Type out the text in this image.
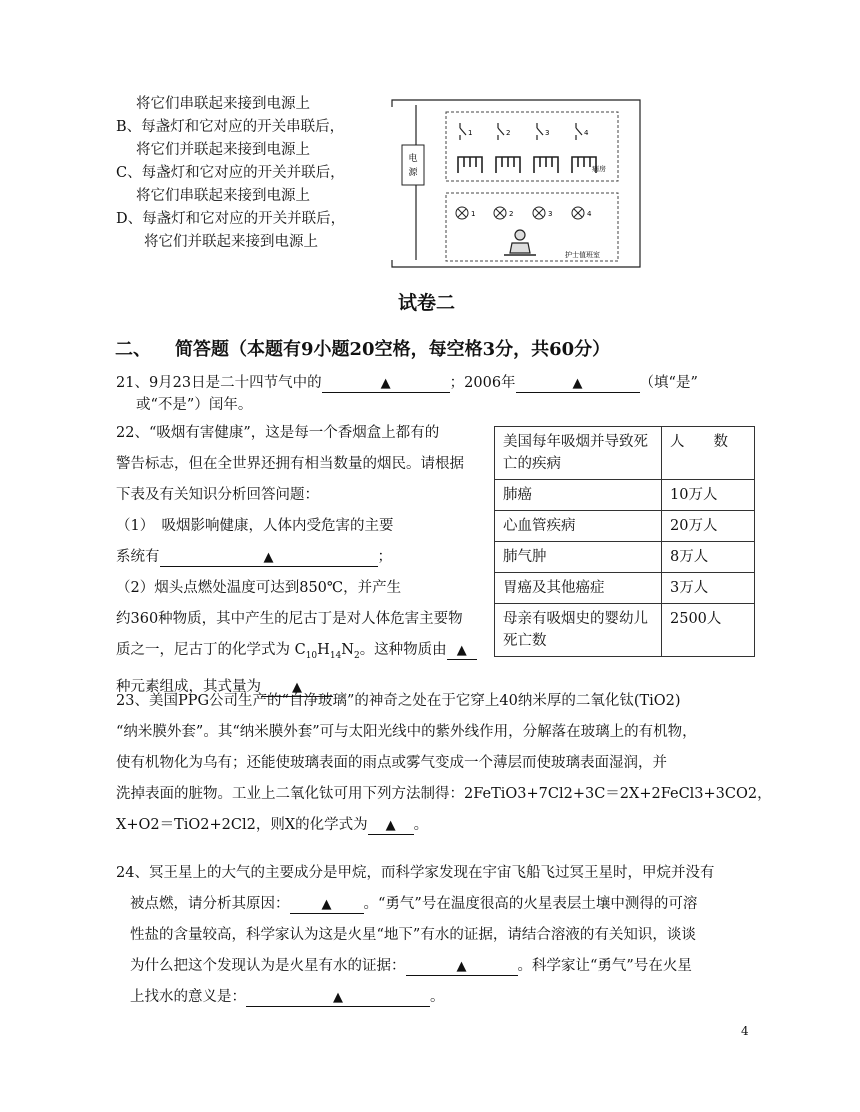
将它们串联起来接到电源上
B、每盏灯和它对应的开关串联后，
将它们并联起来接到电源上
C、每盏灯和它对应的开关并联后，
将它们串联起来接到电源上
D、每盏灯和它对应的开关并联后，
将它们并联起来接到电源上
电
源
1	2	3	4
病房
1	2	3	4
护士值班室
试卷二
二、 简答题（本题有9小题20空格，每空格3分，共60分）
21、9月23日是二十四节气中的	▲	；2006年	▲	（填“是”
或“不是”）闰年。
22、“吸烟有害健康”，这是每一个香烟盒上都有的
警告标志，但在全世界还拥有相当数量的烟民。请根据
下表及有关知识分析回答问题：
（1）　吸烟影响健康，人体内受危害的主要
系统有	▲	；
（2）烟头点燃处温度可达到850℃，并产生
约360种物质，其中产生的尼古丁是对人体危害主要物
质之一，尼古丁的化学式为 $C_{10}H_{14}N_2$。这种物质由 ▲
种元素组成，其式量为 ▲
美国每年吸烟并导致死亡的疾病	人　　数
肺癌	10万人
心血管疾病	20万人
肺气肿	8万人
胃癌及其他癌症	3万人
母亲有吸烟史的婴幼儿死亡数	2500人
23、美国PPG公司生产的“自净玻璃”的神奇之处在于它穿上40纳米厚的二氧化钛(TiO2)
“纳米膜外套”。其“纳米膜外套”可与太阳光线中的紫外线作用，分解落在玻璃上的有机物，
使有机物化为乌有；还能使玻璃表面的雨点或雾气变成一个薄层而使玻璃表面湿润，并
洗掉表面的脏物。工业上二氧化钛可用下列方法制得：2FeTiO3+7Cl2+3C＝2X+2FeCl3+3CO2，
X+O2＝TiO2+2Cl2，则X的化学式为 ▲ 。
24、冥王星上的大气的主要成分是甲烷，而科学家发现在宇宙飞船飞过冥王星时，甲烷并没有
被点燃，请分析其原因： ▲ 。“勇气”号在温度很高的火星表层土壤中测得的可溶
性盐的含量较高，科学家认为这是火星“地下”有水的证据，请结合溶液的有关知识，谈谈
为什么把这个发现认为是火星有水的证据：	▲	。科学家让“勇气”号在火星
上找水的意义是：	▲	。
4
